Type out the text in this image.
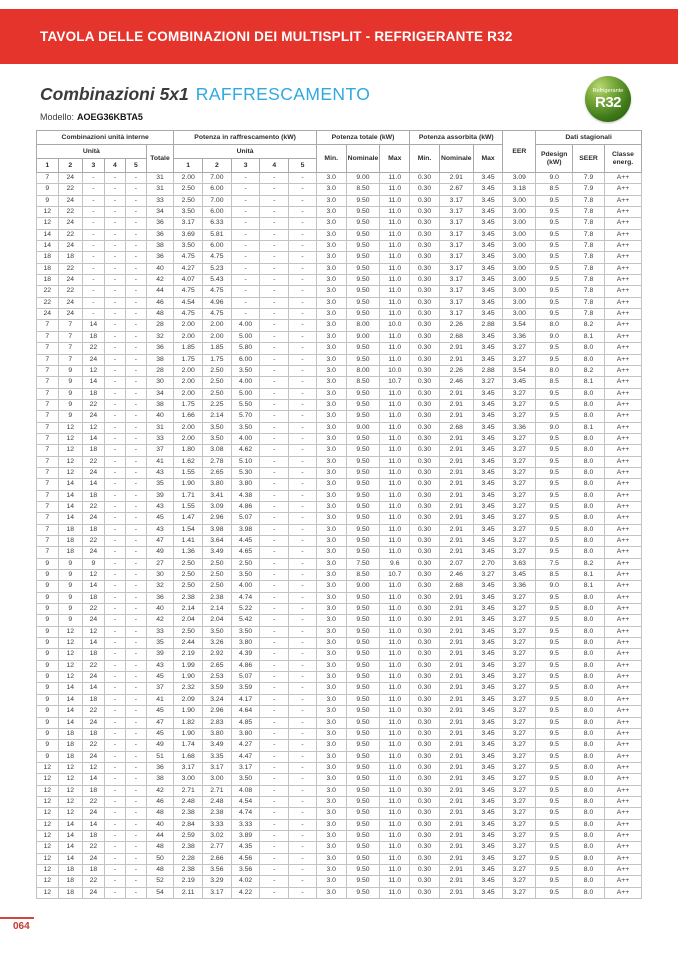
TAVOLA DELLE COMBINAZIONI DEI MULTISPLIT - REFRIGERANTE R32
Combinazioni 5x1 RAFFRESCAMENTO
Modello: AOEG36KBTA5
Refrigerante
R32
Combinazioni unità interne						Potenza in raffrescamento (kW)					Potenza totale (kW)			Potenza assorbita (kW)			EER	Dati stagionali		
Unità					Totale	Unità					Min.	Nominale	Max	Min.	Nominale	Max		Pdesign (kW)	SEER	Classe energ.
1	2	3	4	5		1	2	3	4	5										
7	24	-	-	-	31	2.00	7.00	-	-	-	3.0	9.00	11.0	0.30	2.91	3.45	3.09	9.0	7.9	A++
9	22	-	-	-	31	2.50	6.00	-	-	-	3.0	8.50	11.0	0.30	2.67	3.45	3.18	8.5	7.9	A++
9	24	-	-	-	33	2.50	7.00	-	-	-	3.0	9.50	11.0	0.30	3.17	3.45	3.00	9.5	7.8	A++
12	22	-	-	-	34	3.50	6.00	-	-	-	3.0	9.50	11.0	0.30	3.17	3.45	3.00	9.5	7.8	A++
12	24	-	-	-	36	3.17	6.33	-	-	-	3.0	9.50	11.0	0.30	3.17	3.45	3.00	9.5	7.8	A++
14	22	-	-	-	36	3.69	5.81	-	-	-	3.0	9.50	11.0	0.30	3.17	3.45	3.00	9.5	7.8	A++
14	24	-	-	-	38	3.50	6.00	-	-	-	3.0	9.50	11.0	0.30	3.17	3.45	3.00	9.5	7.8	A++
18	18	-	-	-	36	4.75	4.75	-	-	-	3.0	9.50	11.0	0.30	3.17	3.45	3.00	9.5	7.8	A++
18	22	-	-	-	40	4.27	5.23	-	-	-	3.0	9.50	11.0	0.30	3.17	3.45	3.00	9.5	7.8	A++
18	24	-	-	-	42	4.07	5.43	-	-	-	3.0	9.50	11.0	0.30	3.17	3.45	3.00	9.5	7.8	A++
22	22	-	-	-	44	4.75	4.75	-	-	-	3.0	9.50	11.0	0.30	3.17	3.45	3.00	9.5	7.8	A++
22	24	-	-	-	46	4.54	4.96	-	-	-	3.0	9.50	11.0	0.30	3.17	3.45	3.00	9.5	7.8	A++
24	24	-	-	-	48	4.75	4.75	-	-	-	3.0	9.50	11.0	0.30	3.17	3.45	3.00	9.5	7.8	A++
7	7	14	-	-	28	2.00	2.00	4.00	-	-	3.0	8.00	10.0	0.30	2.26	2.88	3.54	8.0	8.2	A++
7	7	18	-	-	32	2.00	2.00	5.00	-	-	3.0	9.00	11.0	0.30	2.68	3.45	3.36	9.0	8.1	A++
7	7	22	-	-	36	1.85	1.85	5.80	-	-	3.0	9.50	11.0	0.30	2.91	3.45	3.27	9.5	8.0	A++
7	7	24	-	-	38	1.75	1.75	6.00	-	-	3.0	9.50	11.0	0.30	2.91	3.45	3.27	9.5	8.0	A++
7	9	12	-	-	28	2.00	2.50	3.50	-	-	3.0	8.00	10.0	0.30	2.26	2.88	3.54	8.0	8.2	A++
7	9	14	-	-	30	2.00	2.50	4.00	-	-	3.0	8.50	10.7	0.30	2.46	3.27	3.45	8.5	8.1	A++
7	9	18	-	-	34	2.00	2.50	5.00	-	-	3.0	9.50	11.0	0.30	2.91	3.45	3.27	9.5	8.0	A++
7	9	22	-	-	38	1.75	2.25	5.50	-	-	3.0	9.50	11.0	0.30	2.91	3.45	3.27	9.5	8.0	A++
7	9	24	-	-	40	1.66	2.14	5.70	-	-	3.0	9.50	11.0	0.30	2.91	3.45	3.27	9.5	8.0	A++
7	12	12	-	-	31	2.00	3.50	3.50	-	-	3.0	9.00	11.0	0.30	2.68	3.45	3.36	9.0	8.1	A++
7	12	14	-	-	33	2.00	3.50	4.00	-	-	3.0	9.50	11.0	0.30	2.91	3.45	3.27	9.5	8.0	A++
7	12	18	-	-	37	1.80	3.08	4.62	-	-	3.0	9.50	11.0	0.30	2.91	3.45	3.27	9.5	8.0	A++
7	12	22	-	-	41	1.62	2.78	5.10	-	-	3.0	9.50	11.0	0.30	2.91	3.45	3.27	9.5	8.0	A++
7	12	24	-	-	43	1.55	2.65	5.30	-	-	3.0	9.50	11.0	0.30	2.91	3.45	3.27	9.5	8.0	A++
7	14	14	-	-	35	1.90	3.80	3.80	-	-	3.0	9.50	11.0	0.30	2.91	3.45	3.27	9.5	8.0	A++
7	14	18	-	-	39	1.71	3.41	4.38	-	-	3.0	9.50	11.0	0.30	2.91	3.45	3.27	9.5	8.0	A++
7	14	22	-	-	43	1.55	3.09	4.86	-	-	3.0	9.50	11.0	0.30	2.91	3.45	3.27	9.5	8.0	A++
7	14	24	-	-	45	1.47	2.96	5.07	-	-	3.0	9.50	11.0	0.30	2.91	3.45	3.27	9.5	8.0	A++
7	18	18	-	-	43	1.54	3.98	3.98	-	-	3.0	9.50	11.0	0.30	2.91	3.45	3.27	9.5	8.0	A++
7	18	22	-	-	47	1.41	3.64	4.45	-	-	3.0	9.50	11.0	0.30	2.91	3.45	3.27	9.5	8.0	A++
7	18	24	-	-	49	1.36	3.49	4.65	-	-	3.0	9.50	11.0	0.30	2.91	3.45	3.27	9.5	8.0	A++
9	9	9	-	-	27	2.50	2.50	2.50	-	-	3.0	7.50	9.6	0.30	2.07	2.70	3.63	7.5	8.2	A++
9	9	12	-	-	30	2.50	2.50	3.50	-	-	3.0	8.50	10.7	0.30	2.46	3.27	3.45	8.5	8.1	A++
9	9	14	-	-	32	2.50	2.50	4.00	-	-	3.0	9.00	11.0	0.30	2.68	3.45	3.36	9.0	8.1	A++
9	9	18	-	-	36	2.38	2.38	4.74	-	-	3.0	9.50	11.0	0.30	2.91	3.45	3.27	9.5	8.0	A++
9	9	22	-	-	40	2.14	2.14	5.22	-	-	3.0	9.50	11.0	0.30	2.91	3.45	3.27	9.5	8.0	A++
9	9	24	-	-	42	2.04	2.04	5.42	-	-	3.0	9.50	11.0	0.30	2.91	3.45	3.27	9.5	8.0	A++
9	12	12	-	-	33	2.50	3.50	3.50	-	-	3.0	9.50	11.0	0.30	2.91	3.45	3.27	9.5	8.0	A++
9	12	14	-	-	35	2.44	3.26	3.80	-	-	3.0	9.50	11.0	0.30	2.91	3.45	3.27	9.5	8.0	A++
9	12	18	-	-	39	2.19	2.92	4.39	-	-	3.0	9.50	11.0	0.30	2.91	3.45	3.27	9.5	8.0	A++
9	12	22	-	-	43	1.99	2.65	4.86	-	-	3.0	9.50	11.0	0.30	2.91	3.45	3.27	9.5	8.0	A++
9	12	24	-	-	45	1.90	2.53	5.07	-	-	3.0	9.50	11.0	0.30	2.91	3.45	3.27	9.5	8.0	A++
9	14	14	-	-	37	2.32	3.59	3.59	-	-	3.0	9.50	11.0	0.30	2.91	3.45	3.27	9.5	8.0	A++
9	14	18	-	-	41	2.09	3.24	4.17	-	-	3.0	9.50	11.0	0.30	2.91	3.45	3.27	9.5	8.0	A++
9	14	22	-	-	45	1.90	2.96	4.64	-	-	3.0	9.50	11.0	0.30	2.91	3.45	3.27	9.5	8.0	A++
9	14	24	-	-	47	1.82	2.83	4.85	-	-	3.0	9.50	11.0	0.30	2.91	3.45	3.27	9.5	8.0	A++
9	18	18	-	-	45	1.90	3.80	3.80	-	-	3.0	9.50	11.0	0.30	2.91	3.45	3.27	9.5	8.0	A++
9	18	22	-	-	49	1.74	3.49	4.27	-	-	3.0	9.50	11.0	0.30	2.91	3.45	3.27	9.5	8.0	A++
9	18	24	-	-	51	1.68	3.35	4.47	-	-	3.0	9.50	11.0	0.30	2.91	3.45	3.27	9.5	8.0	A++
12	12	12	-	-	36	3.17	3.17	3.17	-	-	3.0	9.50	11.0	0.30	2.91	3.45	3.27	9.5	8.0	A++
12	12	14	-	-	38	3.00	3.00	3.50	-	-	3.0	9.50	11.0	0.30	2.91	3.45	3.27	9.5	8.0	A++
12	12	18	-	-	42	2.71	2.71	4.08	-	-	3.0	9.50	11.0	0.30	2.91	3.45	3.27	9.5	8.0	A++
12	12	22	-	-	46	2.48	2.48	4.54	-	-	3.0	9.50	11.0	0.30	2.91	3.45	3.27	9.5	8.0	A++
12	12	24	-	-	48	2.38	2.38	4.74	-	-	3.0	9.50	11.0	0.30	2.91	3.45	3.27	9.5	8.0	A++
12	14	14	-	-	40	2.84	3.33	3.33	-	-	3.0	9.50	11.0	0.30	2.91	3.45	3.27	9.5	8.0	A++
12	14	18	-	-	44	2.59	3.02	3.89	-	-	3.0	9.50	11.0	0.30	2.91	3.45	3.27	9.5	8.0	A++
12	14	22	-	-	48	2.38	2.77	4.35	-	-	3.0	9.50	11.0	0.30	2.91	3.45	3.27	9.5	8.0	A++
12	14	24	-	-	50	2.28	2.66	4.56	-	-	3.0	9.50	11.0	0.30	2.91	3.45	3.27	9.5	8.0	A++
12	18	18	-	-	48	2.38	3.56	3.56	-	-	3.0	9.50	11.0	0.30	2.91	3.45	3.27	9.5	8.0	A++
12	18	22	-	-	52	2.19	3.29	4.02	-	-	3.0	9.50	11.0	0.30	2.91	3.45	3.27	9.5	8.0	A++
12	18	24	-	-	54	2.11	3.17	4.22	-	-	3.0	9.50	11.0	0.30	2.91	3.45	3.27	9.5	8.0	A++
064
